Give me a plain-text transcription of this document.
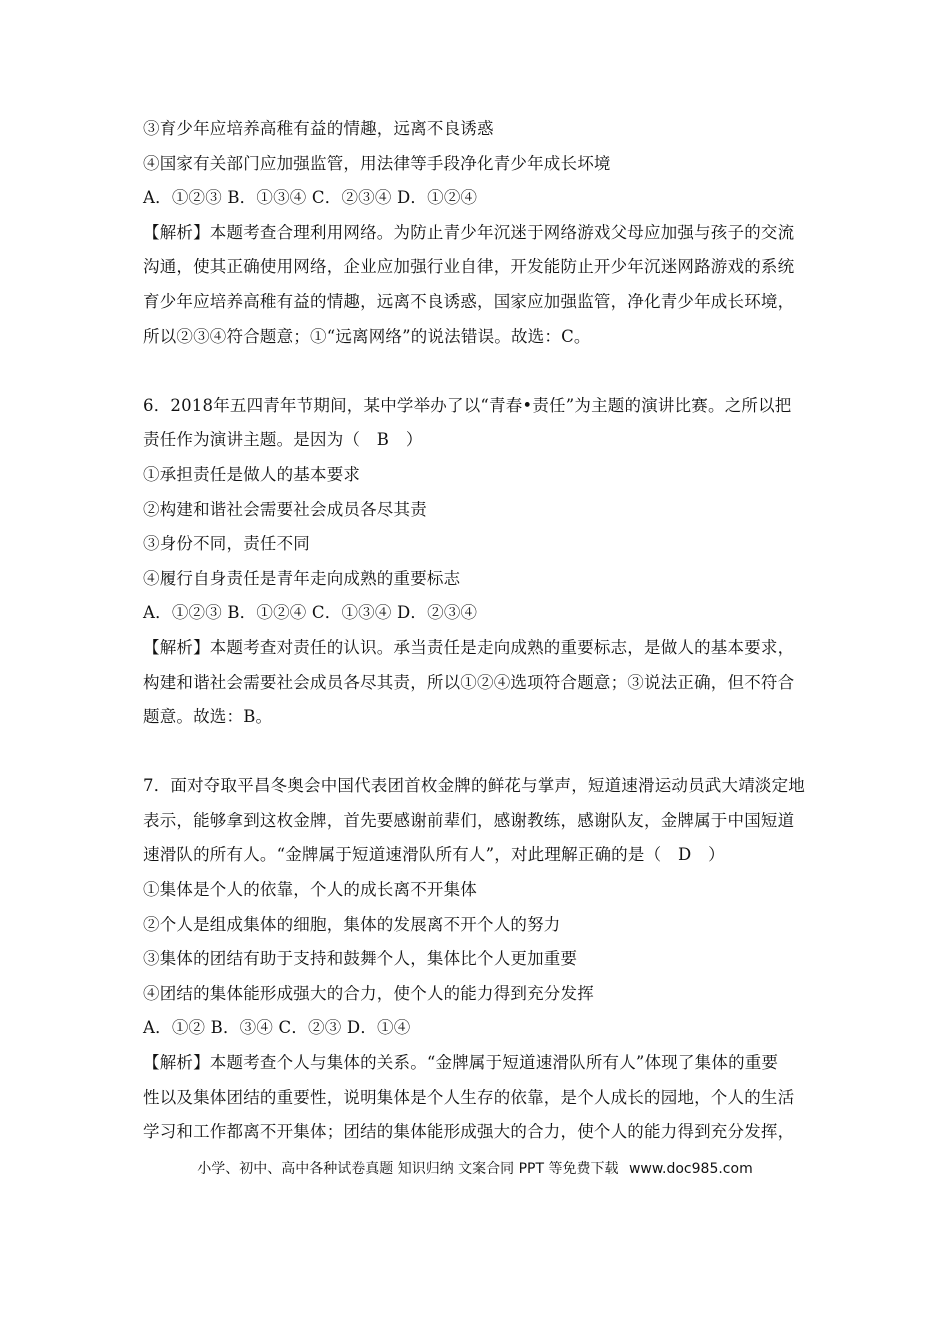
③育少年应培养高稚有益的情趣，远离不良诱惑
④国家有关部门应加强监管，用法律等手段净化青少年成长坏境
A．①②③ B．①③④ C．②③④ D．①②④
【解析】本题考查合理利用网络。为防止青少年沉迷于网络游戏父母应加强与孩子的交流
沟通，使其正确使用网络，企业应加强行业自律，开发能防止开少年沉迷网路游戏的系统
育少年应培养高稚有益的情趣，远离不良诱惑，国家应加强监管，净化青少年成长环境，
所以②③④符合题意；①“远离网络”的说法错误。故选：C。
6．2018年五四青年节期间，某中学举办了以“青春•责任”为主题的演讲比赛。之所以把
责任作为演讲主题。是因为（　B　）
①承担责任是做人的基本要求
②构建和谐社会需要社会成员各尽其责
③身份不同，责任不同
④履行自身责任是青年走向成熟的重要标志
A．①②③ B．①②④ C．①③④ D．②③④
【解析】本题考查对责任的认识。承当责任是走向成熟的重要标志，是做人的基本要求，
构建和谐社会需要社会成员各尽其责，所以①②④选项符合题意；③说法正确，但不符合
题意。故选：B。
7．面对夺取平昌冬奥会中国代表团首枚金牌的鲜花与掌声，短道速滑运动员武大靖淡定地
表示，能够拿到这枚金牌，首先要感谢前辈们，感谢教练，感谢队友，金牌属于中国短道
速滑队的所有人。“金牌属于短道速滑队所有人”，对此理解正确的是（　D　）
①集体是个人的依靠，个人的成长离不开集体
②个人是组成集体的细胞，集体的发展离不开个人的努力
③集体的团结有助于支持和鼓舞个人，集体比个人更加重要
④团结的集体能形成强大的合力，使个人的能力得到充分发挥
A．①② B．③④ C．②③ D．①④
【解析】本题考查个人与集体的关系。“金牌属于短道速滑队所有人”体现了集体的重要
性以及集体团结的重要性，说明集体是个人生存的依靠，是个人成长的园地，个人的生活
学习和工作都离不开集体；团结的集体能形成强大的合力，使个人的能力得到充分发挥，
小学、初中、高中各种试卷真题 知识归纳 文案合同 PPT 等免费下载 www.doc985.com
